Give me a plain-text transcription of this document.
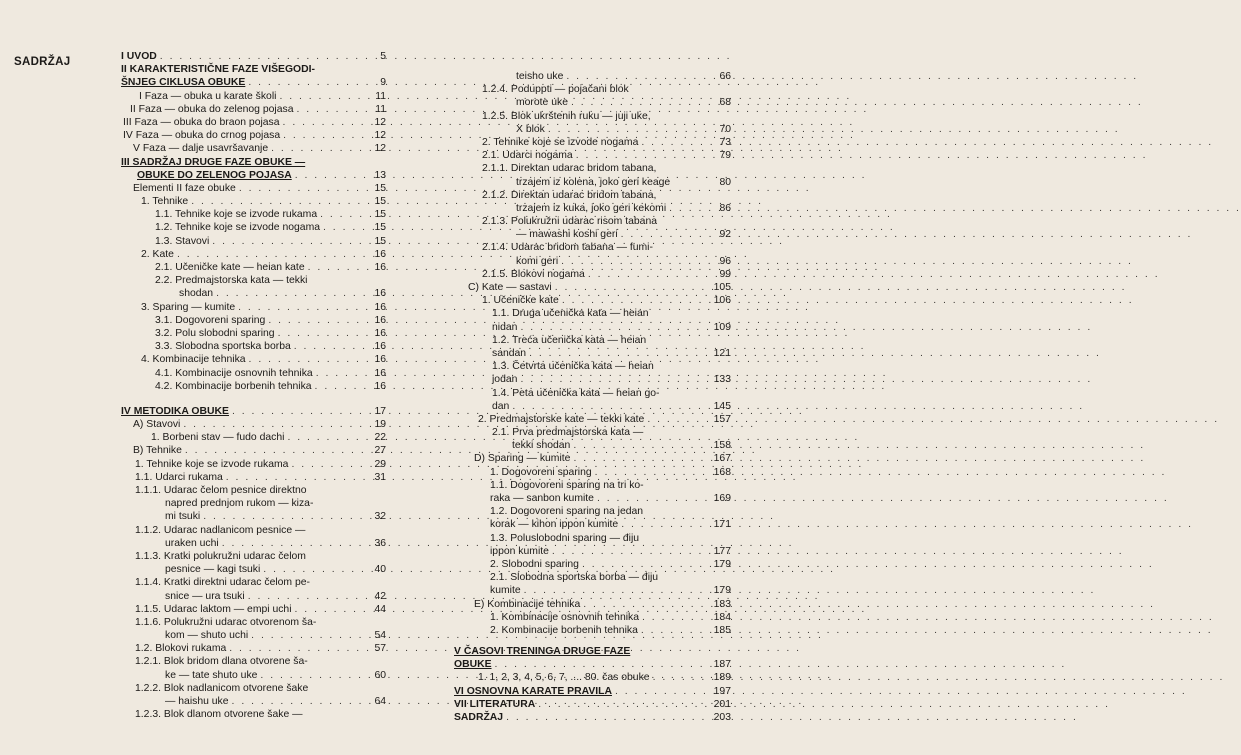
SADRŽAJ	I UVOD . . .	5
II KARAKTERISTIČNE FAZE VIŠEGODI-
ŠNJEG CIKLUSA OBUKE . . .	9
I Faza — obuka u karate školi . . .	11
II Faza — obuka do zelenog pojasa . . .	11
III Faza — obuka do braon pojasa . . .	12
IV Faza — obuka do crnog pojasa . . .	12
V Faza — dalje usavršavanje . . .	12
III SADRŽAJ DRUGE FAZE OBUKE —
OBUKE DO ZELENOG POJASA . . .	13
Elementi II faze obuke . . .	15
1. Tehnike . . .	15
1.1. Tehnike koje se izvode rukama . . .	15
1.2. Tehnike koje se izvode nogama . . .	15
1.3. Stavovi . . .	15
2. Kate . . .	16
2.1. Učeničke kate — heian kate . . .	16
2.2. Predmajstorska kata — tekki
shodan . . .	16
3. Sparing — kumite . . .	16
3.1. Dogovoreni sparing . . .	16
3.2. Polu slobodni sparing . . .	16
3.3. Slobodna sportska borba . . .	16
4. Kombinacije tehnika . . .	16
4.1. Kombinacije osnovnih tehnika . . .	16
4.2. Kombinacije borbenih tehnika . . .	16
IV METODIKA OBUKE . . .	17
A) Stavovi . . .	19
1. Borbeni stav — fudo dachi . . .	22
B) Tehnike . . .	27
1. Tehnike koje se izvode rukama . . .	29
1.1. Udarci rukama . . .	31
1.1.1. Udarac čelom pesnice direktno
napred prednjom rukom — kiza-
mi tsuki . . .	32
1.1.2. Udarac nadlanicom pesnice —
uraken uchi . . .	36
1.1.3. Kratki polukružni udarac čelom
pesnice — kagi tsuki . . .	40
1.1.4. Kratki direktni udarac čelom pe-
snice — ura tsuki . . .	42
1.1.5. Udarac laktom — empi uchi . . .	44
1.1.6. Polukružni udarac otvorenom ša-
kom — shuto uchi . . .	54
1.2. Blokovi rukama . . .	57
1.2.1. Blok bridom dlana otvorene ša-
ke — tate shuto uke . . .	60
1.2.2. Blok nadlanicom otvorene šake
— haishu uke . . .	64
1.2.3. Blok dlanom otvorene šake —
teisho uke . . .	66
1.2.4. Podupрti — pojačani blok
morote uke . . .	68
1.2.5. Blok ukrštenih ruku — juji uke,
X blok . . .	70
2. Tehnike koje se izvode nogama . . .	73
2.1. Udarci nogama . . .	79
2.1.1. Direktan udarac bridom tabana,
trzajem iz kolena, joko geri keage	80
2.1.2. Direktan udarac bridom tabana,
trzajem iz kuka, joko geri kekomi . . .	86
2.1.3. Polukružni udarac risom tabana
— mawashi koshi geri . . .	92
2.1.4. Udarac bridom tabana — fumi-
komi geri . . .	96
2.1.5. Blokovi nogama . . .	99
C) Kate — sastavi . . .	105
1. Učeničke kate . . .	106
1.1. Druga učenička kata — heian
nidan . . .	109
1.2. Treća učenička kata — heian
sandan . . .	121
1.3. Četvrta učenička kata — heian
jodan . . .	133
1.4. Peta učenička kata — heian go-
dan . . .	145
2. Predmajstorske kate — tekki kate . . .	157
2.1. Prva predmajstorska kata —
tekki shodan . . .	158
D) Sparing — kumite . . .	167
1. Dogovoreni sparing . . .	168
1.1. Dogovoreni sparing na tri ko-
raka — sanbon kumite . . .	169
1.2. Dogovoreni sparing na jedan
korak — kihon ippon kumite . . .	171
1.3. Poluslobodni sparing — điju
ippon kumite . . .	177
2. Slobodni sparing . . .	179
2.1. Slobodna sportska borba — điju
kumite . . .	179
E) Kombinacije tehnika . . .	183
1. Kombinacije osnovnih tehnika . . .	184
2. Kombinacije borbenih tehnika . . .	185
V ČASOVI TRENINGA DRUGE FAZE
OBUKE . . .	187
1. 1, 2, 3, 4, 5, 6, 7, .... 80. čas obuke . . .	189
VI OSNOVNA KARATE PRAVILA . . .	197
VII LITERATURA . . .	201
SADRŽAJ . . .	203
